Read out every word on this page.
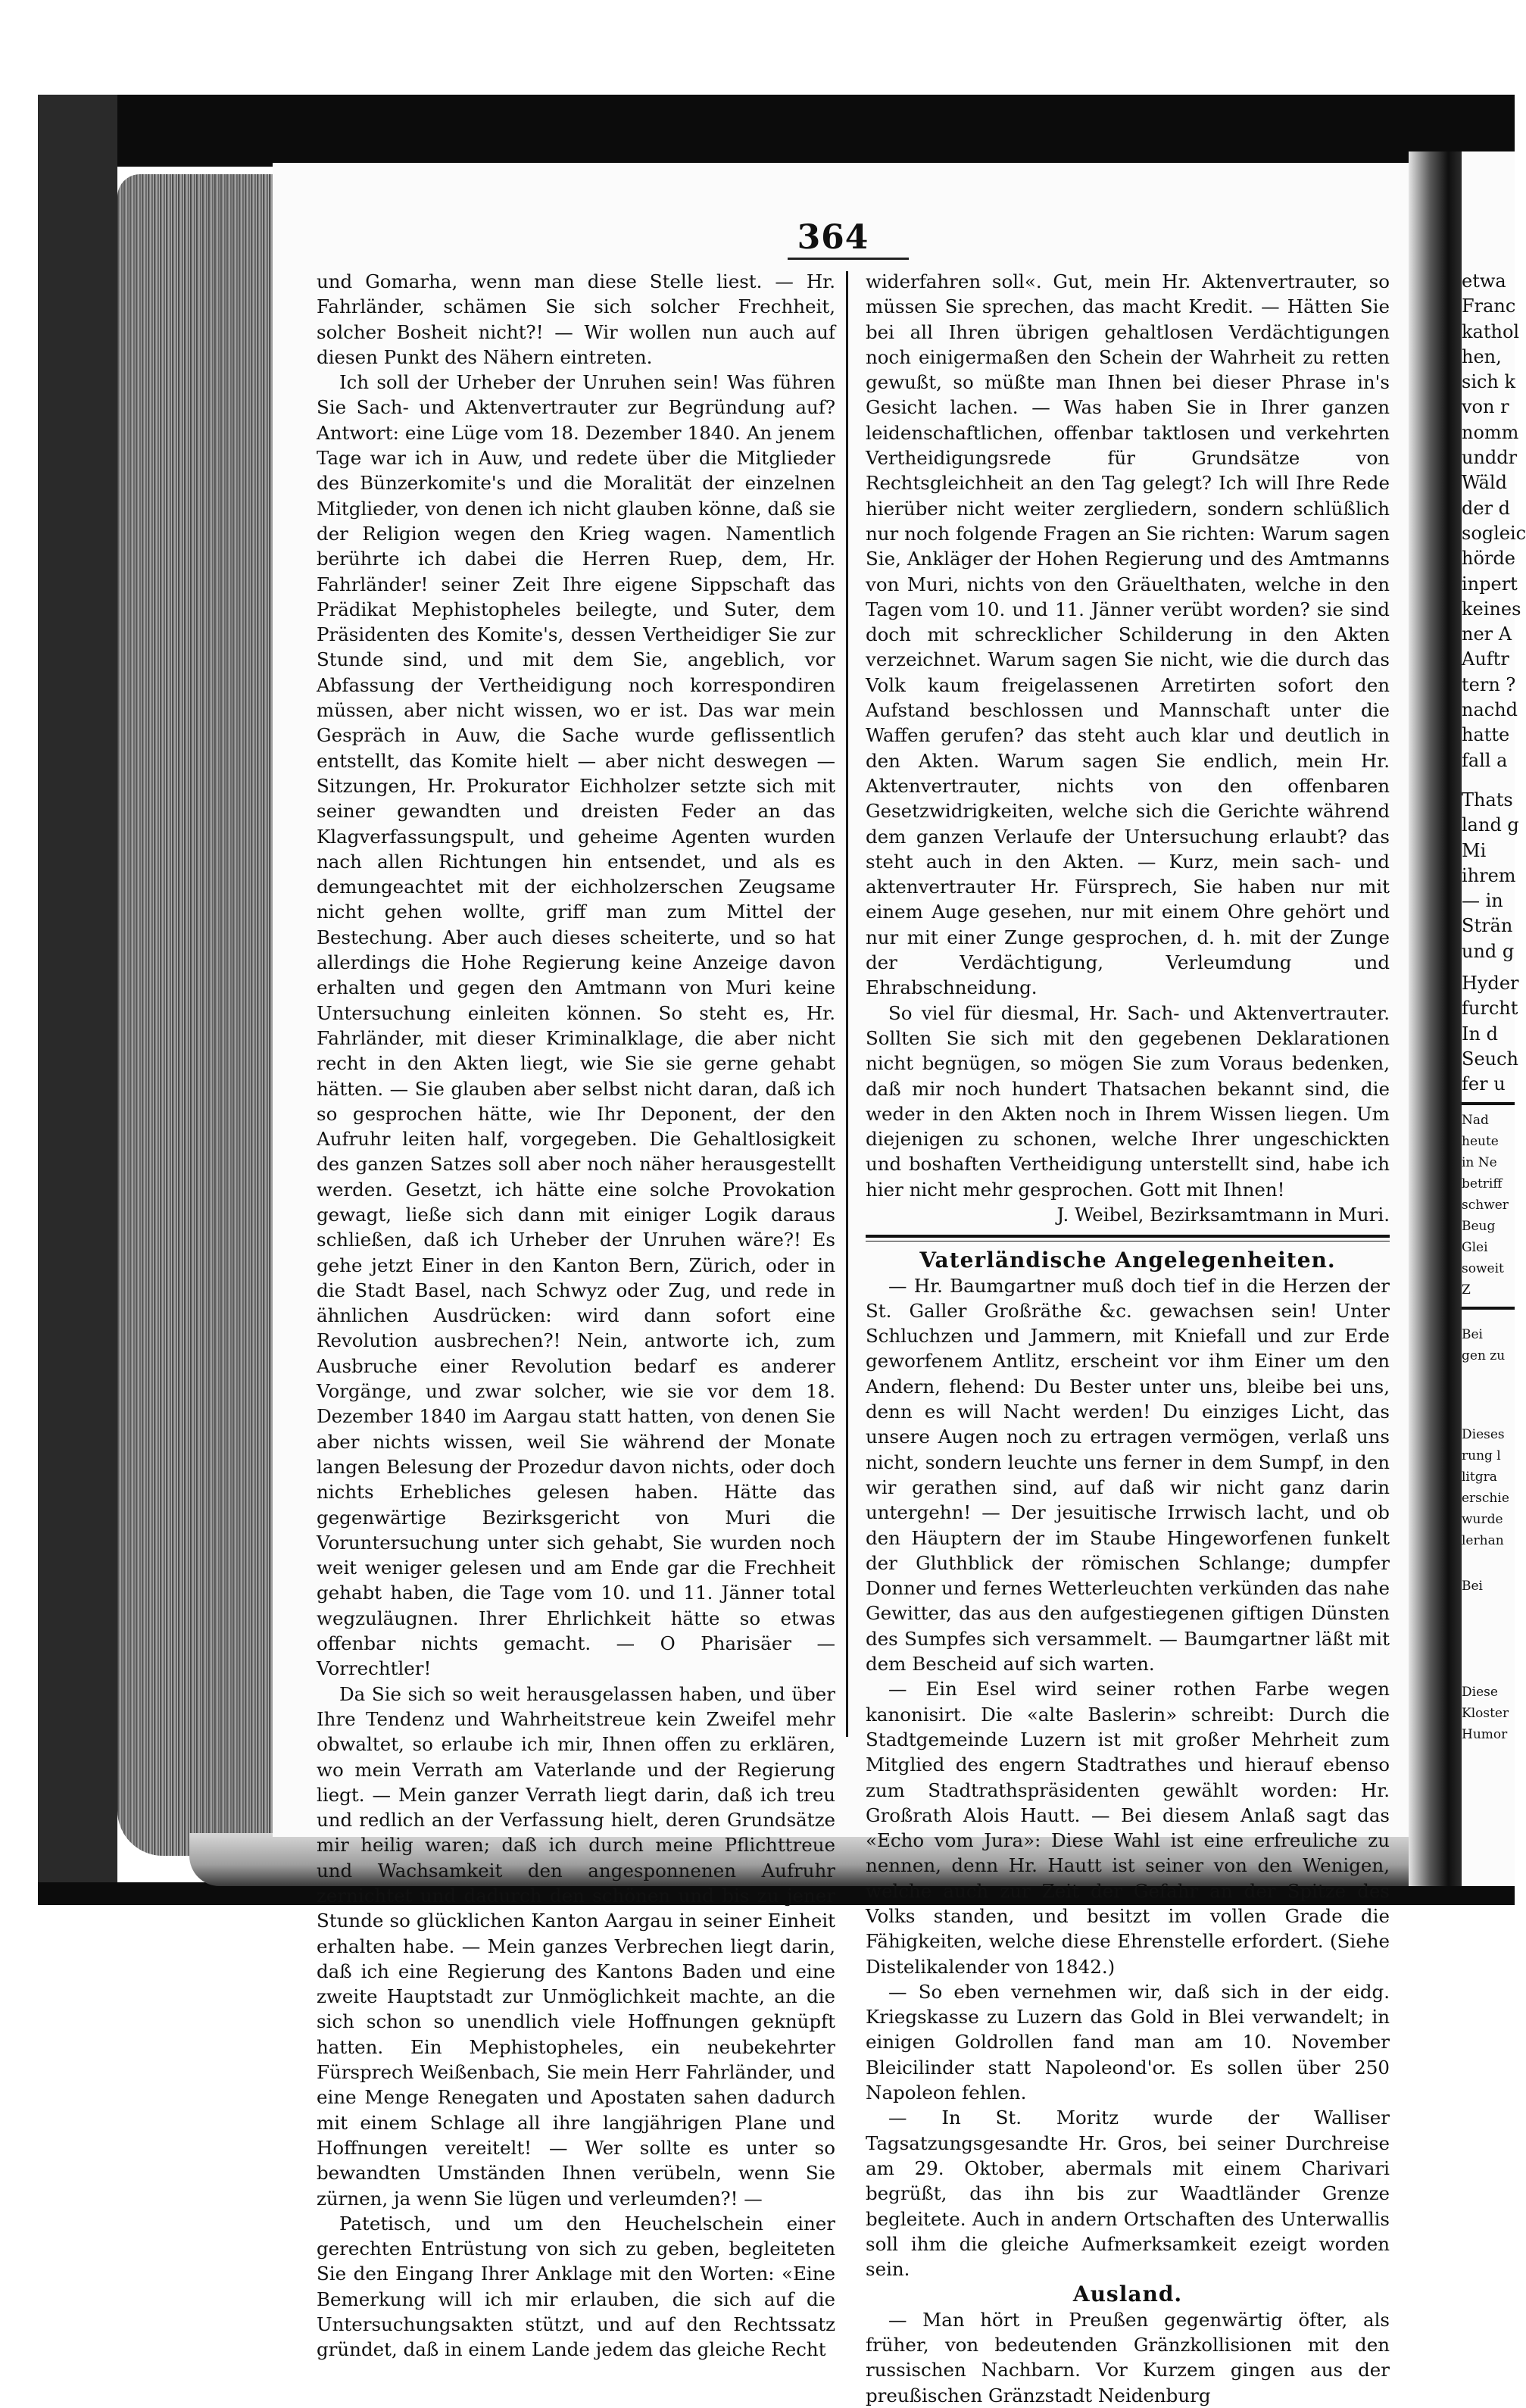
364

und Gomarha, wenn man diese Stelle liest. — Hr. Fahrländer, schämen Sie sich solcher Frechheit, solcher Bosheit nicht?! — Wir wollen nun auch auf diesen Punkt des Nähern eintreten.

Ich soll der Urheber der Unruhen sein! Was führen Sie Sach- und Aktenvertrauter zur Begründung auf? Antwort: eine Lüge vom 18. Dezember 1840. An jenem Tage war ich in Auw, und redete über die Mitglieder des Bünzerkomite's und die Moralität der einzelnen Mitglieder, von denen ich nicht glauben könne, daß sie der Religion wegen den Krieg wagen. Namentlich berührte ich dabei die Herren Ruep, dem, Hr. Fahrländer! seiner Zeit Ihre eigene Sippschaft das Prädikat Mephistopheles beilegte, und Suter, dem Präsidenten des Komite's, dessen Vertheidiger Sie zur Stunde sind, und mit dem Sie, angeblich, vor Abfassung der Vertheidigung noch korrespondiren müssen, aber nicht wissen, wo er ist. Das war mein Gespräch in Auw, die Sache wurde geflissentlich entstellt, das Komite hielt — aber nicht deswegen — Sitzungen, Hr. Prokurator Eichholzer setzte sich mit seiner gewandten und dreisten Feder an das Klagverfassungspult, und geheime Agenten wurden nach allen Richtungen hin entsendet, und als es demungeachtet mit der eichholzerschen Zeugsame nicht gehen wollte, griff man zum Mittel der Bestechung. Aber auch dieses scheiterte, und so hat allerdings die Hohe Regierung keine Anzeige davon erhalten und gegen den Amtmann von Muri keine Untersuchung einleiten können. So steht es, Hr. Fahrländer, mit dieser Kriminalklage, die aber nicht recht in den Akten liegt, wie Sie sie gerne gehabt hätten. — Sie glauben aber selbst nicht daran, daß ich so gesprochen hätte, wie Ihr Deponent, der den Aufruhr leiten half, vorgegeben. Die Gehaltlosigkeit des ganzen Satzes soll aber noch näher herausgestellt werden. Gesetzt, ich hätte eine solche Provokation gewagt, ließe sich dann mit einiger Logik daraus schließen, daß ich Urheber der Unruhen wäre?! Es gehe jetzt Einer in den Kanton Bern, Zürich, oder in die Stadt Basel, nach Schwyz oder Zug, und rede in ähnlichen Ausdrücken: wird dann sofort eine Revolution ausbrechen?! Nein, antworte ich, zum Ausbruche einer Revolution bedarf es anderer Vorgänge, und zwar solcher, wie sie vor dem 18. Dezember 1840 im Aargau statt hatten, von denen Sie aber nichts wissen, weil Sie während der Monate langen Belesung der Prozedur davon nichts, oder doch nichts Erhebliches gelesen haben. Hätte das gegenwärtige Bezirksgericht von Muri die Voruntersuchung unter sich gehabt, Sie wurden noch weit weniger gelesen und am Ende gar die Frechheit gehabt haben, die Tage vom 10. und 11. Jänner total wegzuläugnen. Ihrer Ehrlichkeit hätte so etwas offenbar nichts gemacht. — O Pharisäer — Vorrechtler!

Da Sie sich so weit herausgelassen haben, und über Ihre Tendenz und Wahrheitstreue kein Zweifel mehr obwaltet, so erlaube ich mir, Ihnen offen zu erklären, wo mein Verrath am Vaterlande und der Regierung liegt. — Mein ganzer Verrath liegt darin, daß ich treu und redlich an der Verfassung hielt, deren Grundsätze mir heilig waren; daß ich durch meine Pflichttreue und Wachsamkeit den angesponnenen Aufruhr zernichtet und dadurch den schönen und bis zu jener Stunde so glücklichen Kanton Aargau in seiner Einheit erhalten habe. — Mein ganzes Verbrechen liegt darin, daß ich eine Regierung des Kantons Baden und eine zweite Hauptstadt zur Unmöglichkeit machte, an die sich schon so unendlich viele Hoffnungen geknüpft hatten. Ein Mephistopheles, ein neubekehrter Fürsprech Weißenbach, Sie mein Herr Fahrländer, und eine Menge Renegaten und Apostaten sahen dadurch mit einem Schlage all ihre langjährigen Plane und Hoffnungen vereitelt! — Wer sollte es unter so bewandten Umständen Ihnen verübeln, wenn Sie zürnen, ja wenn Sie lügen und verleumden?! —

Patetisch, und um den Heuchelschein einer gerechten Entrüstung von sich zu geben, begleiteten Sie den Eingang Ihrer Anklage mit den Worten: «Eine Bemerkung will ich mir erlauben, die sich auf die Untersuchungsakten stützt, und auf den Rechtssatz gründet, daß in einem Lande jedem das gleiche Recht

widerfahren soll«. Gut, mein Hr. Aktenvertrauter, so müssen Sie sprechen, das macht Kredit. — Hätten Sie bei all Ihren übrigen gehaltlosen Verdächtigungen noch einigermaßen den Schein der Wahrheit zu retten gewußt, so müßte man Ihnen bei dieser Phrase in's Gesicht lachen. — Was haben Sie in Ihrer ganzen leidenschaftlichen, offenbar taktlosen und verkehrten Vertheidigungsrede für Grundsätze von Rechtsgleichheit an den Tag gelegt? Ich will Ihre Rede hierüber nicht weiter zergliedern, sondern schlüßlich nur noch folgende Fragen an Sie richten: Warum sagen Sie, Ankläger der Hohen Regierung und des Amtmanns von Muri, nichts von den Gräuelthaten, welche in den Tagen vom 10. und 11. Jänner verübt worden? sie sind doch mit schrecklicher Schilderung in den Akten verzeichnet. Warum sagen Sie nicht, wie die durch das Volk kaum freigelassenen Arretirten sofort den Aufstand beschlossen und Mannschaft unter die Waffen gerufen? das steht auch klar und deutlich in den Akten. Warum sagen Sie endlich, mein Hr. Aktenvertrauter, nichts von den offenbaren Gesetzwidrigkeiten, welche sich die Gerichte während dem ganzen Verlaufe der Untersuchung erlaubt? das steht auch in den Akten. — Kurz, mein sach- und aktenvertrauter Hr. Fürsprech, Sie haben nur mit einem Auge gesehen, nur mit einem Ohre gehört und nur mit einer Zunge gesprochen, d. h. mit der Zunge der Verdächtigung, Verleumdung und Ehrabschneidung.

So viel für diesmal, Hr. Sach- und Aktenvertrauter. Sollten Sie sich mit den gegebenen Deklarationen nicht begnügen, so mögen Sie zum Voraus bedenken, daß mir noch hundert Thatsachen bekannt sind, die weder in den Akten noch in Ihrem Wissen liegen. Um diejenigen zu schonen, welche Ihrer ungeschickten und boshaften Vertheidigung unterstellt sind, habe ich hier nicht mehr gesprochen. Gott mit Ihnen!

J. Weibel, Bezirksamtmann in Muri.

Vaterländische Angelegenheiten.

— Hr. Baumgartner muß doch tief in die Herzen der St. Galler Großräthe &c. gewachsen sein! Unter Schluchzen und Jammern, mit Kniefall und zur Erde geworfenem Antlitz, erscheint vor ihm Einer um den Andern, flehend: Du Bester unter uns, bleibe bei uns, denn es will Nacht werden! Du einziges Licht, das unsere Augen noch zu ertragen vermögen, verlaß uns nicht, sondern leuchte uns ferner in dem Sumpf, in den wir gerathen sind, auf daß wir nicht ganz darin untergehn! — Der jesuitische Irrwisch lacht, und ob den Häuptern der im Staube Hingeworfenen funkelt der Gluthblick der römischen Schlange; dumpfer Donner und fernes Wetterleuchten verkünden das nahe Gewitter, das aus den aufgestiegenen giftigen Dünsten des Sumpfes sich versammelt. — Baumgartner läßt mit dem Bescheid auf sich warten.

— Ein Esel wird seiner rothen Farbe wegen kanonisirt. Die «alte Baslerin» schreibt: Durch die Stadtgemeinde Luzern ist mit großer Mehrheit zum Mitglied des engern Stadtrathes und hierauf ebenso zum Stadtrathspräsidenten gewählt worden: Hr. Großrath Alois Hautt. — Bei diesem Anlaß sagt das «Echo vom Jura»: Diese Wahl ist eine erfreuliche zu nennen, denn Hr. Hautt ist seiner von den Wenigen, welche auch zur Zeit der Gefahr an der Spitze des Volks standen, und besitzt im vollen Grade die Fähigkeiten, welche diese Ehrenstelle erfordert. (Siehe Distelikalender von 1842.)

— So eben vernehmen wir, daß sich in der eidg. Kriegskasse zu Luzern das Gold in Blei verwandelt; in einigen Goldrollen fand man am 10. November Bleicilinder statt Napoleond'or. Es sollen über 250 Napoleon fehlen.

— In St. Moritz wurde der Walliser Tagsatzungsgesandte Hr. Gros, bei seiner Durchreise am 29. Oktober, abermals mit einem Charivari begrüßt, das ihn bis zur Waadtländer Grenze begleitete. Auch in andern Ortschaften des Unterwallis soll ihm die gleiche Aufmerksamkeit ezeigt worden sein.

Ausland.

— Man hört in Preußen gegenwärtig öfter, als früher, von bedeutenden Gränzkollisionen mit den russischen Nachbarn. Vor Kurzem gingen aus der preußischen Gränzstadt Neidenburg

etwa
Franc
kathol
hen,
sich k
von r
nomm
unddr
Wäld
der d
sogleic
hörde
inpert
keines
ner A
Auftr
tern ?
nachd
hatte
fall a
Thats
land g
Mi
ihrem
— in
Strän
und g
Hyder
furcht
In d
Seuch
fer u
Nad
heute
in Ne
betriff
schwer
Beug
Glei
soweit
Z
Bei
gen zu
Dieses
rung l
litgra
erschie
wurde
lerhan
Bei
Diese
Kloster
Humor
